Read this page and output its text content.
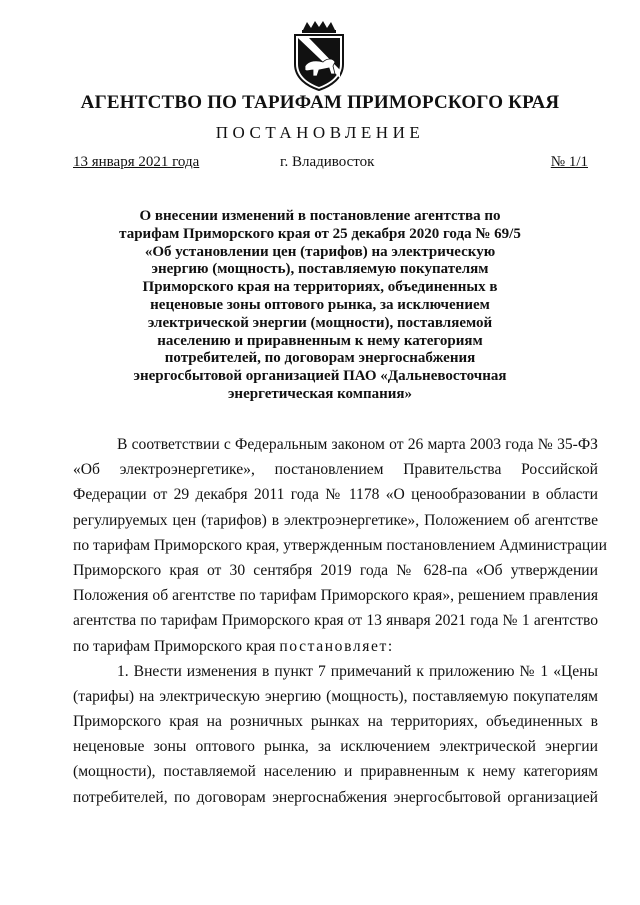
АГЕНТСТВО ПО ТАРИФАМ ПРИМОРСКОГО КРАЯ
ПОСТАНОВЛЕНИЕ
13 января 2021 года	г. Владивосток	№ 1/1
О внесении изменений в постановление агентства по
тарифам Приморского края от 25 декабря 2020 года № 69/5
«Об установлении цен (тарифов) на электрическую
энергию (мощность), поставляемую покупателям
Приморского края на территориях, объединенных в
неценовые зоны оптового рынка, за исключением
электрической энергии (мощности), поставляемой
населению и приравненным к нему категориям
потребителей, по договорам энергоснабжения
энергосбытовой организацией ПАО «Дальневосточная
энергетическая компания»
В соответствии с Федеральным законом от 26 марта 2003 года № 35-ФЗ
«Об электроэнергетике», постановлением Правительства Российской
Федерации от 29 декабря 2011 года № 1178 «О ценообразовании в области
регулируемых цен (тарифов) в электроэнергетике», Положением об агентстве
по тарифам Приморского края, утвержденным постановлением Администрации
Приморского края от 30 сентября 2019 года № 628-па «Об утверждении
Положения об агентстве по тарифам Приморского края», решением правления
агентства по тарифам Приморского края от 13 января 2021 года № 1 агентство
по тарифам Приморского края постановляет:
1. Внести изменения в пункт 7 примечаний к приложению № 1 «Цены
(тарифы) на электрическую энергию (мощность), поставляемую покупателям
Приморского края на розничных рынках на территориях, объединенных в
неценовые зоны оптового рынка, за исключением электрической энергии
(мощности), поставляемой населению и приравненным к нему категориям
потребителей, по договорам энергоснабжения энергосбытовой организацией
